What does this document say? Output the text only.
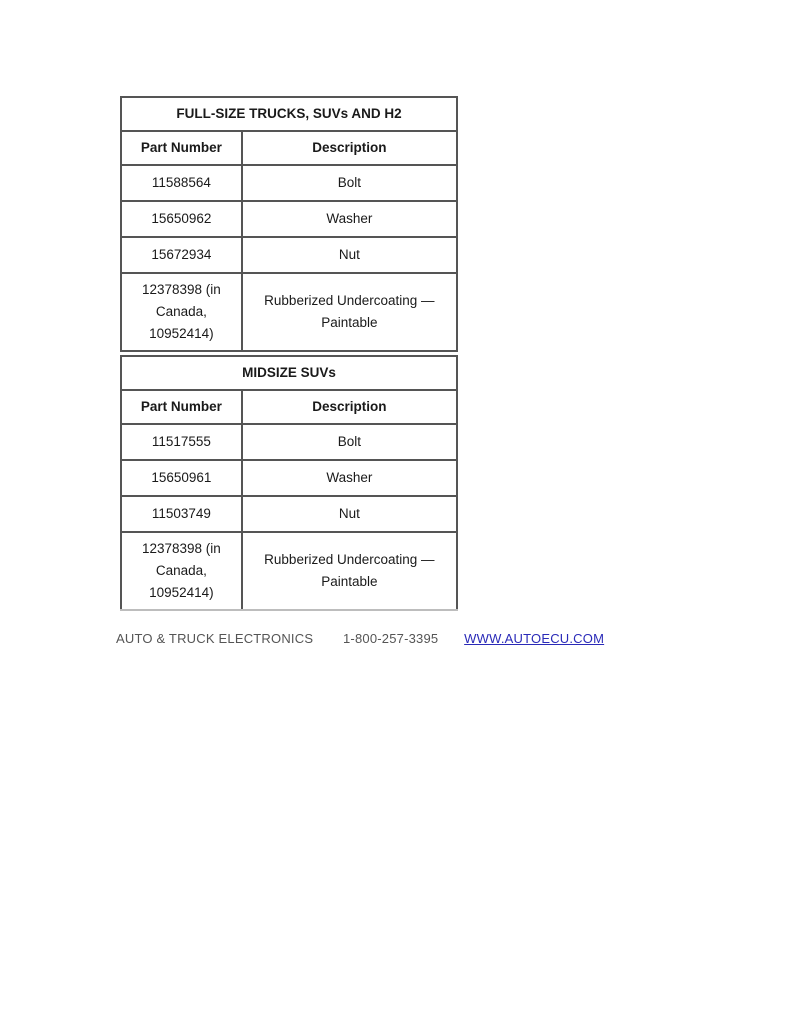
FULL-SIZE TRUCKS, SUVs AND H2	
Part Number	Description
11588564	Bolt
15650962	Washer
15672934	Nut
12378398 (in Canada, 10952414)	Rubberized Undercoating — Paintable
MIDSIZE SUVs	
Part Number	Description
11517555	Bolt
15650961	Washer
11503749	Nut
12378398 (in Canada, 10952414)	Rubberized Undercoating — Paintable
AUTO & TRUCK ELECTRONICS 1-800-257-3395 WWW.AUTOECU.COM
